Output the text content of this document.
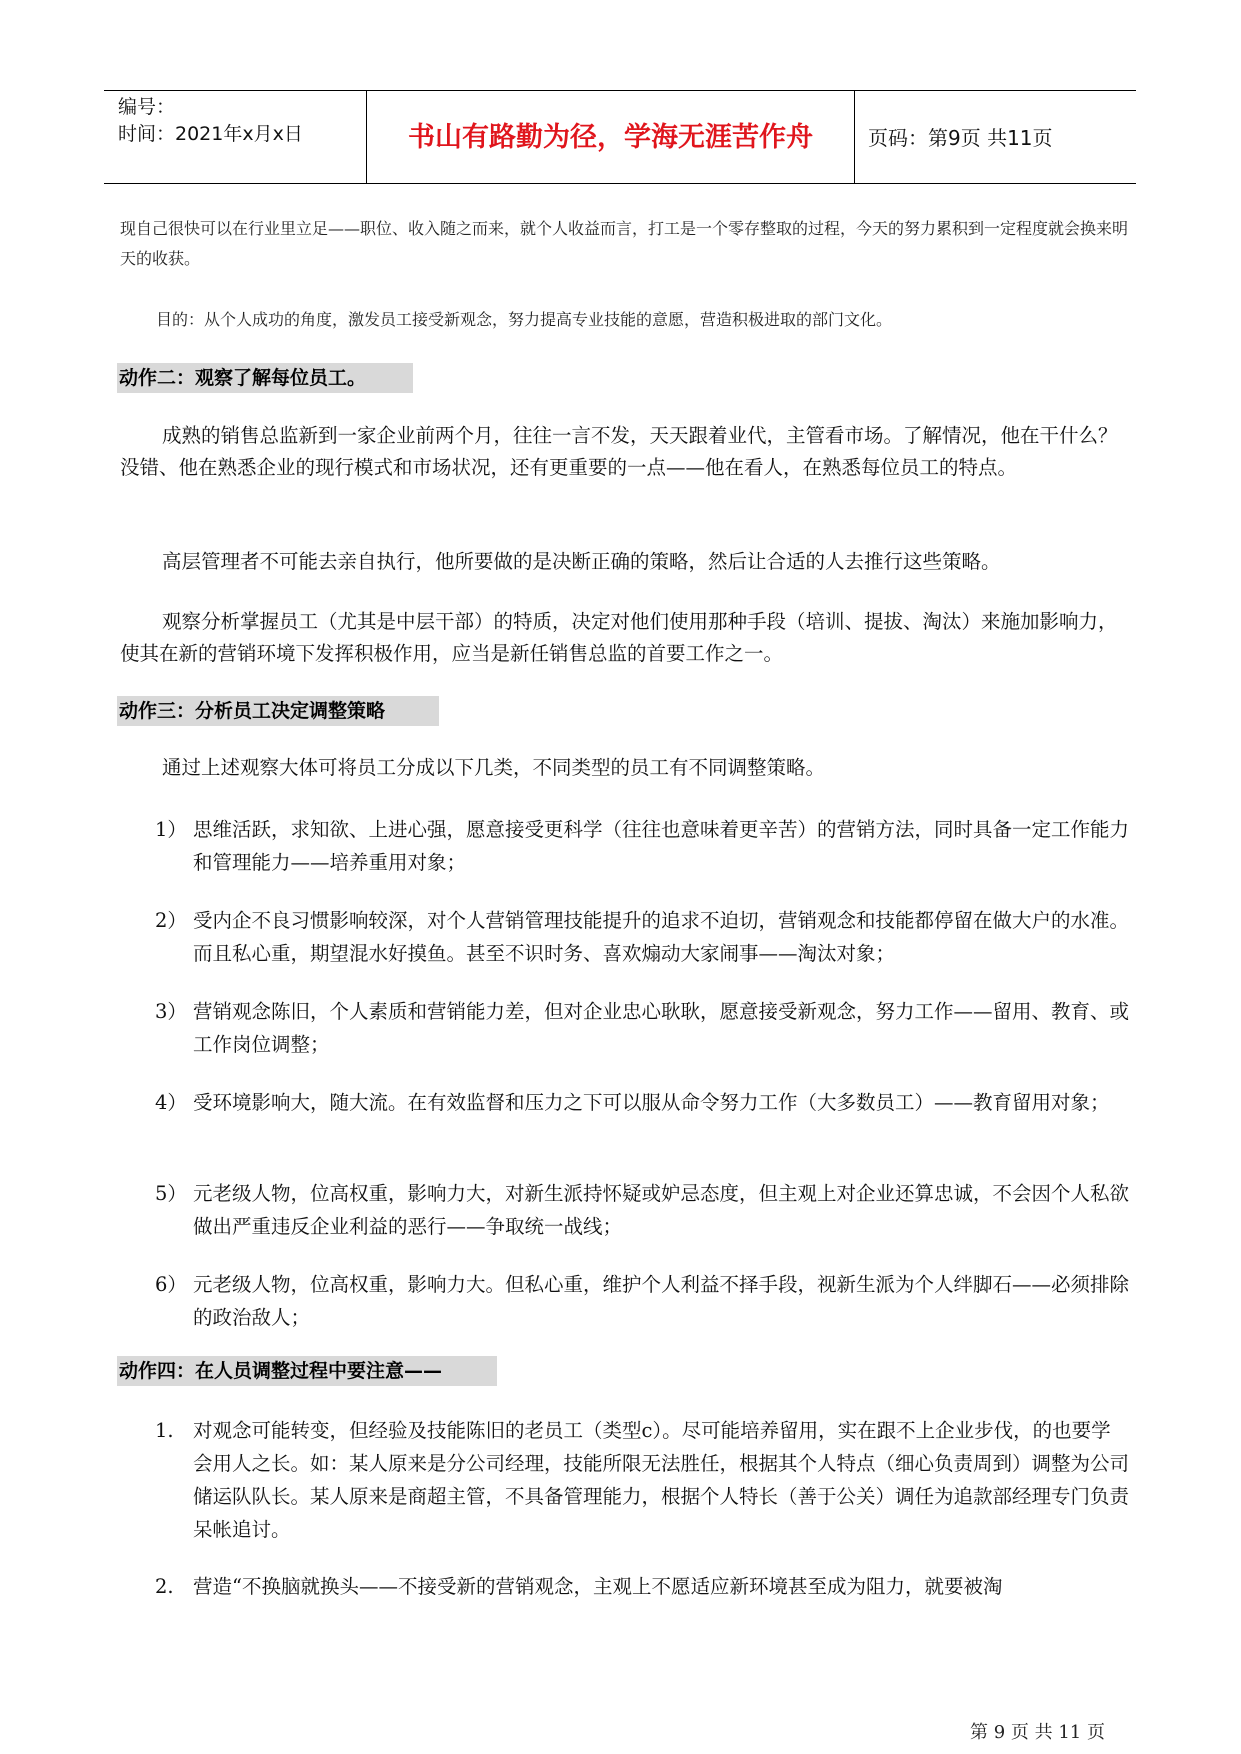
编号：
时间：2021年x月x日	书山有路勤为径，学海无涯苦作舟	页码：第9页 共11页
现自己很快可以在行业里立足——职位、收入随之而来，就个人收益而言，打工是一个零存整取的过程，今天的努力累积到一定程度就会换来明天的收获。
目的：从个人成功的角度，激发员工接受新观念，努力提高专业技能的意愿，营造积极进取的部门文化。
动作二：观察了解每位员工。
成熟的销售总监新到一家企业前两个月，往往一言不发，天天跟着业代，主管看市场。了解情况，他在干什么？没错、他在熟悉企业的现行模式和市场状况，还有更重要的一点——他在看人，在熟悉每位员工的特点。
高层管理者不可能去亲自执行，他所要做的是决断正确的策略，然后让合适的人去推行这些策略。
观察分析掌握员工（尤其是中层干部）的特质，决定对他们使用那种手段（培训、提拔、淘汰）来施加影响力，使其在新的营销环境下发挥积极作用，应当是新任销售总监的首要工作之一。
动作三：分析员工决定调整策略
通过上述观察大体可将员工分成以下几类，不同类型的员工有不同调整策略。
1） 思维活跃，求知欲、上进心强，愿意接受更科学（往往也意味着更辛苦）的营销方法，同时具备一定工作能力和管理能力——培养重用对象；
2） 受内企不良习惯影响较深，对个人营销管理技能提升的追求不迫切，营销观念和技能都停留在做大户的水准。而且私心重，期望混水好摸鱼。甚至不识时务、喜欢煽动大家闹事——淘汰对象；
3） 营销观念陈旧，个人素质和营销能力差，但对企业忠心耿耿，愿意接受新观念，努力工作——留用、教育、或工作岗位调整；
4） 受环境影响大，随大流。在有效监督和压力之下可以服从命令努力工作（大多数员工）——教育留用对象；
5） 元老级人物，位高权重，影响力大，对新生派持怀疑或妒忌态度，但主观上对企业还算忠诚，不会因个人私欲做出严重违反企业利益的恶行——争取统一战线；
6） 元老级人物，位高权重，影响力大。但私心重，维护个人利益不择手段，视新生派为个人绊脚石——必须排除的政治敌人；
动作四：在人员调整过程中要注意——
1. 对观念可能转变，但经验及技能陈旧的老员工（类型c）。尽可能培养留用，实在跟不上企业步伐，的也要学会用人之长。如：某人原来是分公司经理，技能所限无法胜任，根据其个人特点（细心负责周到）调整为公司储运队队长。某人原来是商超主管，不具备管理能力，根据个人特长（善于公关）调任为追款部经理专门负责呆帐追讨。
2. 营造“不换脑就换头——不接受新的营销观念，主观上不愿适应新环境甚至成为阻力，就要被淘
第 9 页 共 11 页
